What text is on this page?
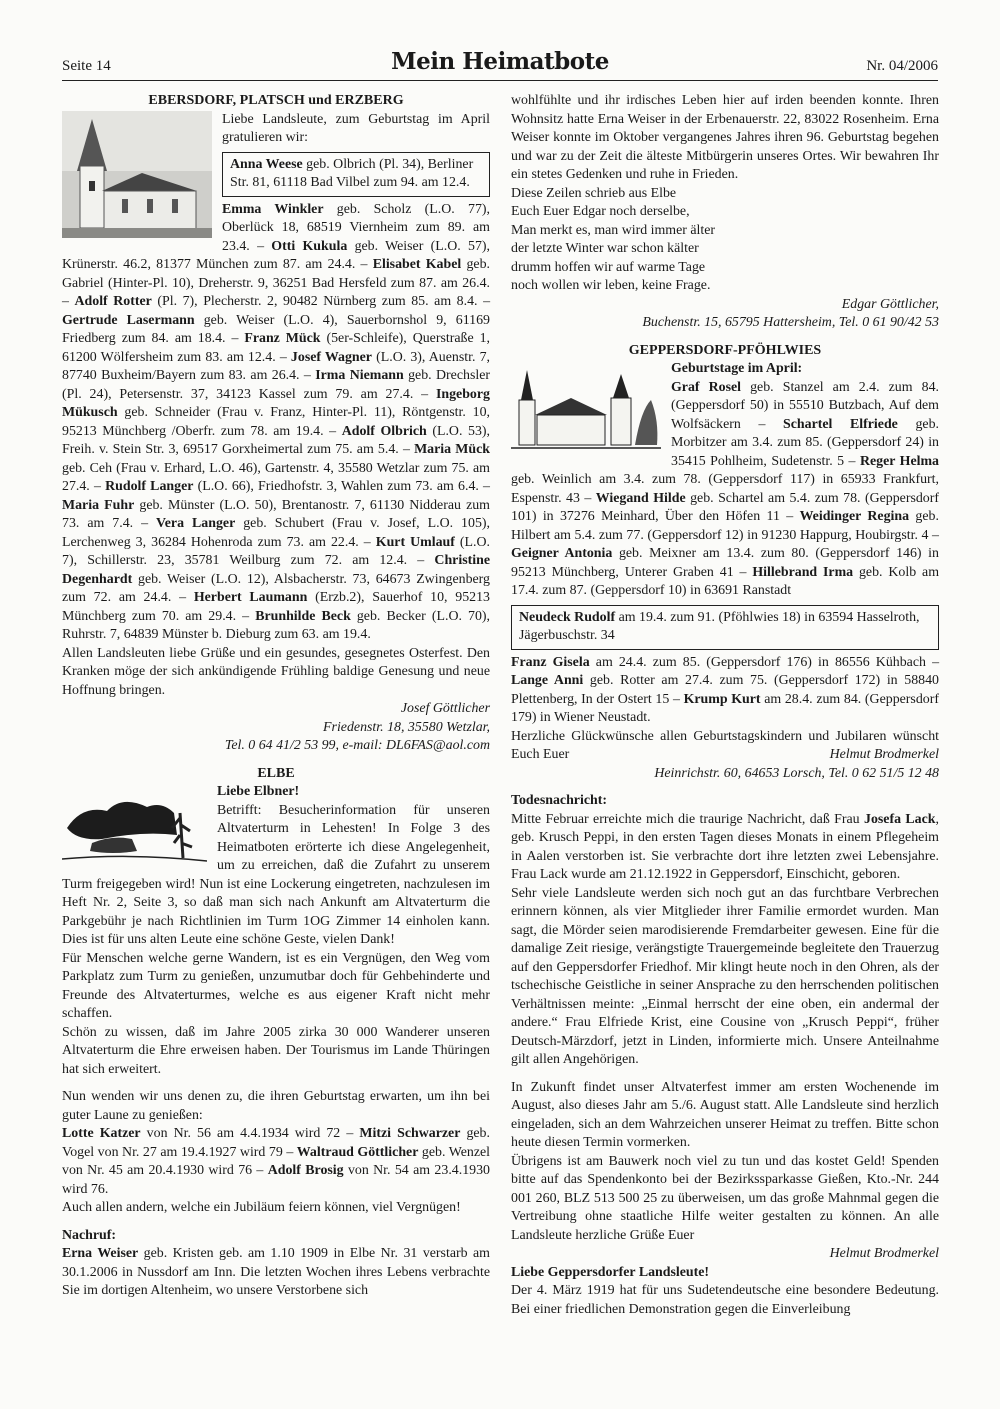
Seite 14	Mein Heimatbote	Nr. 04/2006

EBERSDORF, PLATSCH und ERZBERG

Liebe Landsleute, zum Geburtstag im April gratulieren wir:

Anna Weese geb. Olbrich (Pl. 34), Berliner Str. 81, 61118 Bad Vilbel zum 94. am 12.4.

Emma Winkler geb. Scholz (L.O. 77), Oberlück 18, 68519 Viernheim zum 89. am 23.4. – Otti Kukula geb. Weiser (L.O. 57), Krünerstr. 46.2, 81377 München zum 87. am 24.4. – Elisabet Kabel geb. Gabriel (Hinter-Pl. 10), Dreherstr. 9, 36251 Bad Hersfeld zum 87. am 26.4. – Adolf Rotter (Pl. 7), Plecherstr. 2, 90482 Nürnberg zum 85. am 8.4. – Gertrude Lasermann geb. Weiser (L.O. 4), Sauerbornshol 9, 61169 Friedberg zum 84. am 18.4. – Franz Mück (5er-Schleife), Querstraße 1, 61200 Wölfersheim zum 83. am 12.4. – Josef Wagner (L.O. 3), Auenstr. 7, 87740 Buxheim/Bayern zum 83. am 26.4. – Irma Niemann geb. Drechsler (Pl. 24), Petersenstr. 37, 34123 Kassel zum 79. am 27.4. – Ingeborg Mükusch geb. Schneider (Frau v. Franz, Hinter-Pl. 11), Röntgenstr. 10, 95213 Münchberg /Oberfr. zum 78. am 19.4. – Adolf Olbrich (L.O. 53), Freih. v. Stein Str. 3, 69517 Gorxheimertal zum 75. am 5.4. – Maria Mück geb. Ceh (Frau v. Erhard, L.O. 46), Gartenstr. 4, 35580 Wetzlar zum 75. am 27.4. – Rudolf Langer (L.O. 66), Friedhofstr. 3, Wahlen zum 73. am 6.4. – Maria Fuhr geb. Münster (L.O. 50), Brentanostr. 7, 61130 Nidderau zum 73. am 7.4. – Vera Langer geb. Schubert (Frau v. Josef, L.O. 105), Lerchenweg 3, 36284 Hohenroda zum 73. am 22.4. – Kurt Umlauf (L.O. 7), Schillerstr. 23, 35781 Weilburg zum 72. am 12.4. – Christine Degenhardt geb. Weiser (L.O. 12), Alsbacherstr. 73, 64673 Zwingenberg zum 72. am 24.4. – Herbert Laumann (Erzb.2), Sauerhof 10, 95213 Münchberg zum 70. am 29.4. – Brunhilde Beck geb. Becker (L.O. 70), Ruhrstr. 7, 64839 Münster b. Dieburg zum 63. am 19.4.

Allen Landsleuten liebe Grüße und ein gesundes, gesegnetes Osterfest. Den Kranken möge der sich ankündigende Frühling baldige Genesung und neue Hoffnung bringen.

Josef Göttlicher

Friedenstr. 18, 35580 Wetzlar,

Tel. 0 64 41/2 53 99, e-mail: DL6FAS@aol.com

ELBE

Liebe Elbner!

Betrifft: Besucherinformation für unseren Altvaterturm in Lehesten! In Folge 3 des Heimatboten erörterte ich diese Angelegenheit, um zu erreichen, daß die Zufahrt zu unserem Turm freigegeben wird! Nun ist eine Lockerung eingetreten, nachzulesen im Heft Nr. 2, Seite 3, so daß man sich nach Ankunft am Altvaterturm die Parkgebühr je nach Richtlinien im Turm 1OG Zimmer 14 einholen kann. Dies ist für uns alten Leute eine schöne Geste, vielen Dank!

Für Menschen welche gerne Wandern, ist es ein Vergnügen, den Weg vom Parkplatz zum Turm zu genießen, unzumutbar doch für Gehbehinderte und Freunde des Altvaterturmes, welche es aus eigener Kraft nicht mehr schaffen.

Schön zu wissen, daß im Jahre 2005 zirka 30 000 Wanderer unseren Altvaterturm die Ehre erweisen haben. Der Tourismus im Lande Thüringen hat sich erweitert.

Nun wenden wir uns denen zu, die ihren Geburtstag erwarten, um ihn bei guter Laune zu genießen:

Lotte Katzer von Nr. 56 am 4.4.1934 wird 72 – Mitzi Schwarzer geb. Vogel von Nr. 27 am 19.4.1927 wird 79 – Waltraud Göttlicher geb. Wenzel von Nr. 45 am 20.4.1930 wird 76 – Adolf Brosig von Nr. 54 am 23.4.1930 wird 76.

Auch allen andern, welche ein Jubiläum feiern können, viel Vergnügen!

Nachruf:

Erna Weiser geb. Kristen geb. am 1.10 1909 in Elbe Nr. 31 verstarb am 30.1.2006 in Nussdorf am Inn. Die letzten Wochen ihres Lebens verbrachte Sie im dortigen Altenheim, wo unsere Verstorbene sich

wohlfühlte und ihr irdisches Leben hier auf irden beenden konnte. Ihren Wohnsitz hatte Erna Weiser in der Erbenauerstr. 22, 83022 Rosenheim. Erna Weiser konnte im Oktober vergangenes Jahres ihren 96. Geburtstag begehen und war zu der Zeit die älteste Mitbürgerin unseres Ortes. Wir bewahren Ihr ein stetes Gedenken und ruhe in Frieden.

Diese Zeilen schrieb aus Elbe

Euch Euer Edgar noch derselbe,
Man merkt es, man wird immer älter
der letzte Winter war schon kälter
drumm hoffen wir auf warme Tage
noch wollen wir leben, keine Frage.

Edgar Göttlicher,

Buchenstr. 15, 65795 Hattersheim, Tel. 0 61 90/42 53

GEPPERSDORF-PFÖHLWIES

Geburtstage im April:

Graf Rosel geb. Stanzel am 2.4. zum 84. (Geppersdorf 50) in 55510 Butzbach, Auf dem Wolfsäckern – Schartel Elfriede geb. Morbitzer am 3.4. zum 85. (Geppersdorf 24) in 35415 Pohlheim, Sudetenstr. 5 – Reger Helma geb. Weinlich am 3.4. zum 78. (Geppersdorf 117) in 65933 Frankfurt, Espenstr. 43 – Wiegand Hilde geb. Schartel am 5.4. zum 78. (Geppersdorf 101) in 37276 Meinhard, Über den Höfen 11 – Weidinger Regina geb. Hilbert am 5.4. zum 77. (Geppersdorf 12) in 91230 Happurg, Houbirgstr. 4 – Geigner Antonia geb. Meixner am 13.4. zum 80. (Geppersdorf 146) in 95213 Münchberg, Unterer Graben 41 – Hillebrand Irma geb. Kolb am 17.4. zum 87. (Geppersdorf 10) in 63691 Ranstadt

Neudeck Rudolf am 19.4. zum 91. (Pföhlwies 18) in 63594 Hasselroth, Jägerbuschstr. 34

Franz Gisela am 24.4. zum 85. (Geppersdorf 176) in 86556 Kühbach – Lange Anni geb. Rotter am 27.4. zum 75. (Geppersdorf 172) in 58840 Plettenberg, In der Ostert 15 – Krump Kurt am 28.4. zum 84. (Geppersdorf 179) in Wiener Neustadt.

Herzliche Glückwünsche allen Geburtstagskindern und Jubilaren wünscht Euch Euer	Helmut Brodmerkel

Heinrichstr. 60, 64653 Lorsch, Tel. 0 62 51/5 12 48

Todesnachricht:

Mitte Februar erreichte mich die traurige Nachricht, daß Frau Josefa Lack, geb. Krusch Peppi, in den ersten Tagen dieses Monats in einem Pflegeheim in Aalen verstorben ist. Sie verbrachte dort ihre letzten zwei Lebensjahre. Frau Lack wurde am 21.12.1922 in Geppersdorf, Einschicht, geboren.

Sehr viele Landsleute werden sich noch gut an das furchtbare Verbrechen erinnern können, als vier Mitglieder ihrer Familie ermordet wurden. Man sagt, die Mörder seien marodisierende Fremdarbeiter gewesen. Eine für die damalige Zeit riesige, verängstigte Trauergemeinde begleitete den Trauerzug auf den Geppersdorfer Friedhof. Mir klingt heute noch in den Ohren, als der tschechische Geistliche in seiner Ansprache zu den herrschenden politischen Verhältnissen meinte: „Einmal herrscht der eine oben, ein andermal der andere.“ Frau Elfriede Krist, eine Cousine von „Krusch Peppi“, früher Deutsch-Märzdorf, jetzt in Linden, informierte mich. Unsere Anteilnahme gilt allen Angehörigen.

In Zukunft findet unser Altvaterfest immer am ersten Wochenende im August, also dieses Jahr am 5./6. August statt. Alle Landsleute sind herzlich eingeladen, sich an dem Wahrzeichen unserer Heimat zu treffen. Bitte schon heute diesen Termin vormerken.

Übrigens ist am Bauwerk noch viel zu tun und das kostet Geld! Spenden bitte auf das Spendenkonto bei der Bezirkssparkasse Gießen, Kto.-Nr. 244 001 260, BLZ 513 500 25 zu überweisen, um das große Mahnmal gegen die Vertreibung ohne staatliche Hilfe weiter gestalten zu können. An alle Landsleute herzliche Grüße Euer

Helmut Brodmerkel

Liebe Geppersdorfer Landsleute!

Der 4. März 1919 hat für uns Sudetendeutsche eine besondere Bedeutung. Bei einer friedlichen Demonstration gegen die Einverleibung
